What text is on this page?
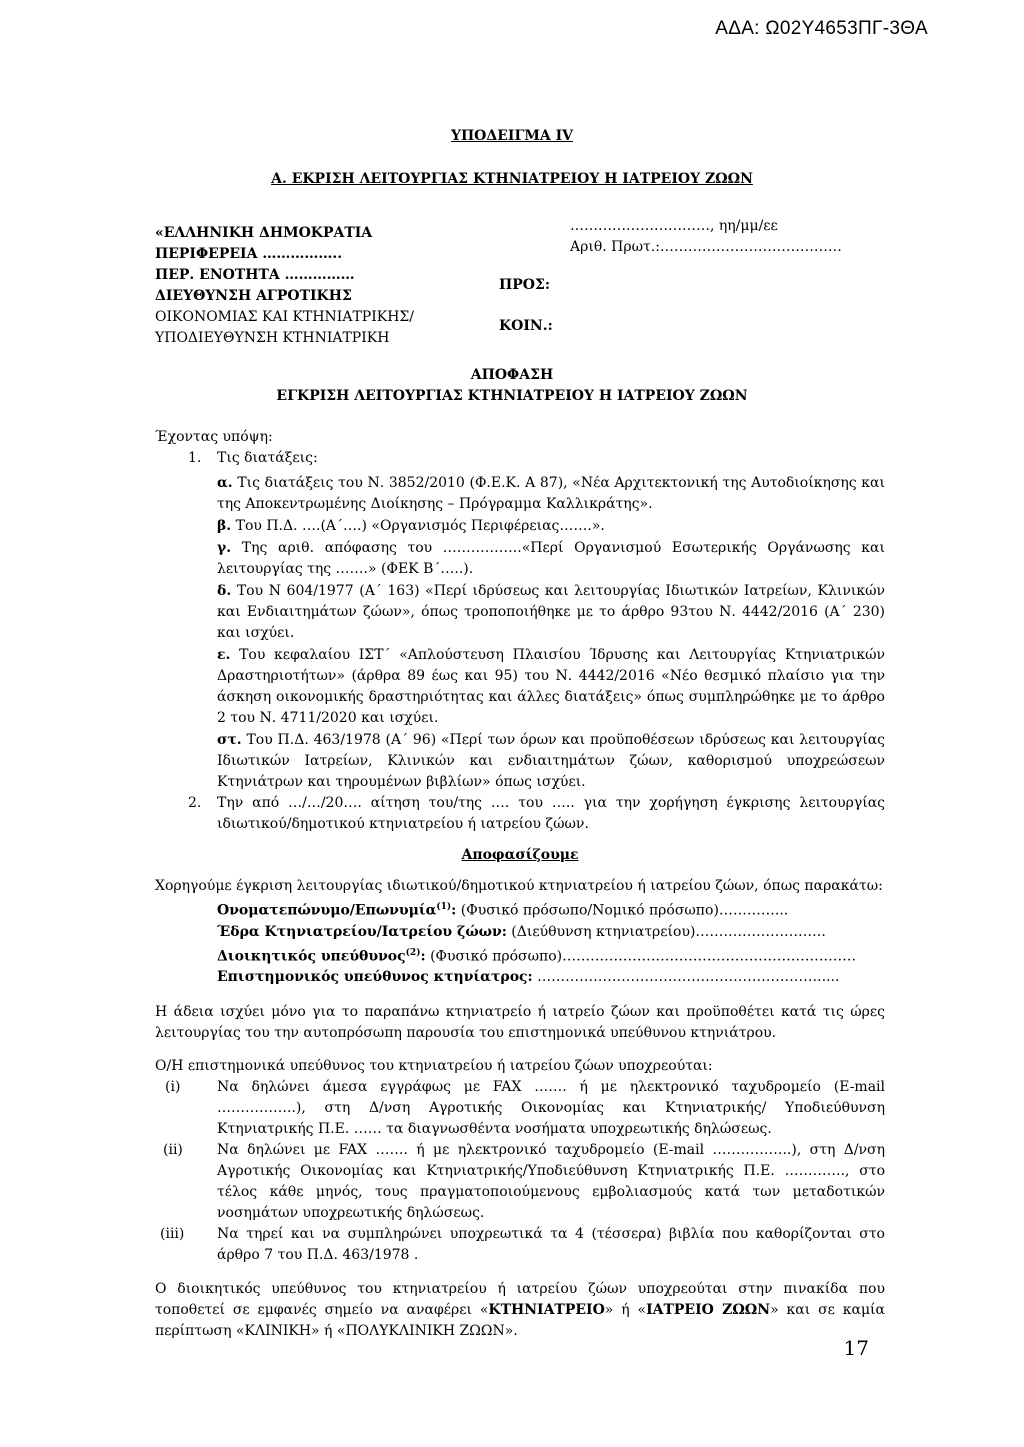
ΑΔΑ: Ω02Υ4653ΠΓ-3ΘΑ
ΥΠΟΔΕΙΓΜΑ IV
Α. ΕΚΡΙΣΗ ΛΕΙΤΟΥΡΓΙΑΣ ΚΤΗΝΙΑΤΡΕΙΟΥ Η ΙΑΤΡΕΙΟΥ ΖΩΩΝ
«ΕΛΛΗΝΙΚΗ ΔΗΜΟΚΡΑΤΙΑ
ΠΕΡΙΦΕΡΕΙΑ ……………..
ΠΕΡ. ΕΝΟΤΗΤΑ ……………
ΔΙΕΥΘΥΝΣΗ ΑΓΡΟΤΙΚΗΣ
ΟΙΚΟΝΟΜΙΑΣ ΚΑΙ ΚΤΗΝΙΑΤΡΙΚΗΣ/
ΥΠΟΔΙΕΥΘΥΝΣΗ ΚΤΗΝΙΑΤΡΙΚΗ
ΠΡΟΣ:
ΚΟΙΝ.:
…………………………, ηη/μμ/εε
Αριθ. Πρωτ.:…………………………………
ΑΠΟΦΑΣΗ
ΕΓΚΡΙΣΗ ΛΕΙΤΟΥΡΓΙΑΣ ΚΤΗΝΙΑΤΡΕΙΟΥ Η ΙΑΤΡΕΙΟΥ ΖΩΩΝ

Έχοντας υπόψη:

1. Τις διατάξεις:

α. Τις διατάξεις του Ν. 3852/2010 (Φ.Ε.Κ. Α 87), «Νέα Αρχιτεκτονική της Αυτοδιοίκησης και της Αποκεντρωμένης Διοίκησης – Πρόγραμμα Καλλικράτης».
β. Του Π.Δ. ….(Α΄….) «Οργανισμός Περιφέρειας…….».
γ. Της αριθ. απόφασης του ……………..«Περί Οργανισμού Εσωτερικής Οργάνωσης και λειτουργίας της …….» (ΦΕΚ Β΄…..).
δ. Του Ν 604/1977 (Α΄ 163) «Περί ιδρύσεως και λειτουργίας Ιδιωτικών Ιατρείων, Κλινικών και Ενδιαιτημάτων ζώων», όπως τροποποιήθηκε με το άρθρο 93του Ν. 4442/2016 (Α΄ 230) και ισχύει.
ε. Του κεφαλαίου ΙΣΤ΄ «Απλούστευση Πλαισίου Ίδρυσης και Λειτουργίας Κτηνιατρικών Δραστηριοτήτων» (άρθρα 89 έως και 95) του Ν. 4442/2016 «Νέο θεσμικό πλαίσιο για την άσκηση οικονομικής δραστηριότητας και άλλες διατάξεις» όπως συμπληρώθηκε με το άρθρο 2 του Ν. 4711/2020 και ισχύει.
στ. Του Π.Δ. 463/1978 (Α΄ 96) «Περί των όρων και προϋποθέσεων ιδρύσεως και λειτουργίας Ιδιωτικών Ιατρείων, Κλινικών και ενδιαιτημάτων ζώων, καθορισμού υποχρεώσεων Κτηνιάτρων και τηρουμένων βιβλίων» όπως ισχύει.
2. Την από …/…/20…. αίτηση του/της …. του ….. για την χορήγηση έγκρισης λειτουργίας ιδιωτικού/δημοτικού κτηνιατρείου ή ιατρείου ζώων.

Αποφασίζουμε

Χορηγούμε έγκριση λειτουργίας ιδιωτικού/δημοτικού κτηνιατρείου ή ιατρείου ζώων, όπως παρακάτω:

Ονοματεπώνυμο/Επωνυμία$^{(1)}$: (Φυσικό πρόσωπο/Νομικό πρόσωπο)…………...
Έδρα Κτηνιατρείου/Ιατρείου ζώων: (Διεύθυνση κτηνιατρείου)……………………….
Διοικητικός υπεύθυνος$^{(2)}$: (Φυσικό πρόσωπο)………………………………………………………
Επιστημονικός υπεύθυνος κτηνίατρος: …………………………………………………….....

Η άδεια ισχύει μόνο για το παραπάνω κτηνιατρείο ή ιατρείο ζώων και προϋποθέτει κατά τις ώρες λειτουργίας του την αυτοπρόσωπη παρουσία του επιστημονικά υπεύθυνου κτηνιάτρου.

Ο/Η επιστημονικά υπεύθυνος του κτηνιατρείου ή ιατρείου ζώων υποχρεούται:

(i)	Να δηλώνει άμεσα εγγράφως με FAX ……. ή με ηλεκτρονικό ταχυδρομείο (E-mail ……………..), στη Δ/νση Αγροτικής Οικονομίας και Κτηνιατρικής/ Υποδιεύθυνση Κτηνιατρικής Π.Ε. …… τα διαγνωσθέντα νοσήματα υποχρεωτικής δηλώσεως.

(ii) Να δηλώνει με FAX ……. ή με ηλεκτρονικό ταχυδρομείο (E-mail ……………..), στη Δ/νση Αγροτικής Οικονομίας και Κτηνιατρικής/Υποδιεύθυνση Κτηνιατρικής Π.Ε. …………., στο τέλος κάθε μηνός, τους πραγματοποιούμενους εμβολιασμούς κατά των μεταδοτικών νοσημάτων υποχρεωτικής δηλώσεως.

(iii) Να τηρεί και να συμπληρώνει υποχρεωτικά τα 4 (τέσσερα) βιβλία που καθορίζονται στο άρθρο 7 του Π.Δ. 463/1978 .

Ο διοικητικός υπεύθυνος του κτηνιατρείου ή ιατρείου ζώων υποχρεούται στην πινακίδα που τοποθετεί σε εμφανές σημείο να αναφέρει «ΚΤΗΝΙΑΤΡΕΙΟ» ή «ΙΑΤΡΕΙΟ ΖΩΩΝ» και σε καμία περίπτωση «ΚΛΙΝΙΚΗ» ή «ΠΟΛΥΚΛΙΝΙΚΗ ΖΩΩΝ».

17
